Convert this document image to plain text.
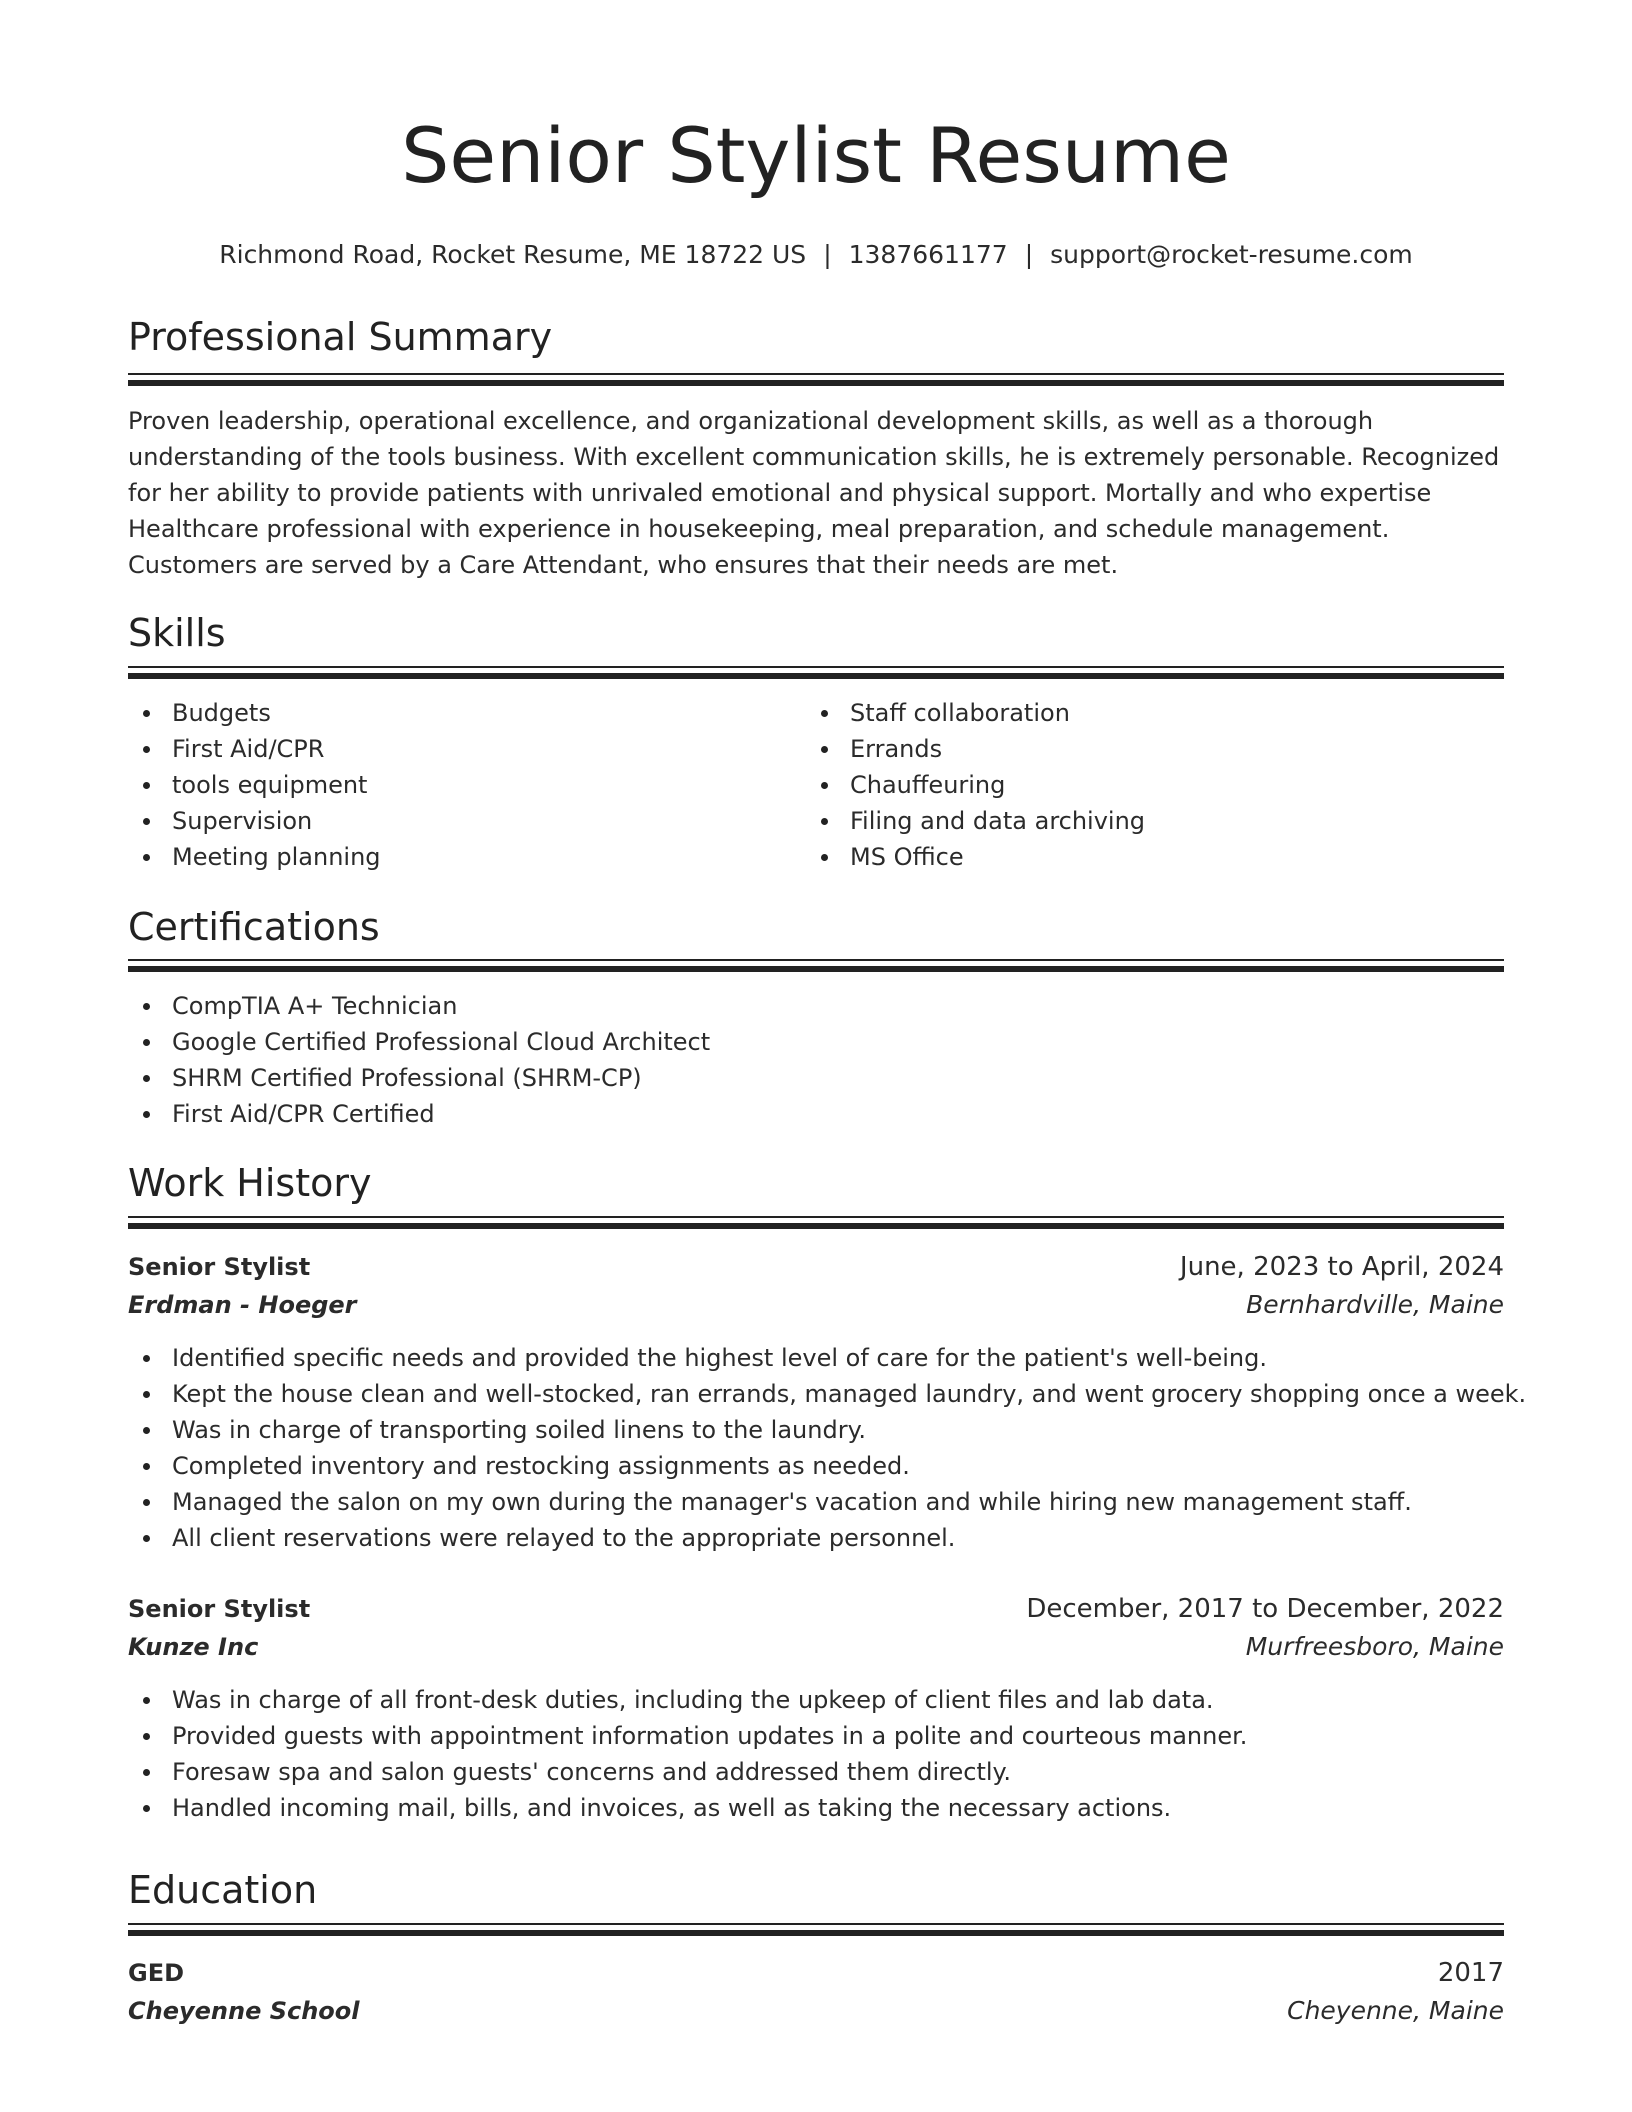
Senior Stylist Resume
Richmond Road, Rocket Resume, ME 18722 US | 1387661177 | support@rocket-resume.com
Professional Summary
Proven leadership, operational excellence, and organizational development skills, as well as a thorough understanding of the tools business. With excellent communication skills, he is extremely personable. Recognized for her ability to provide patients with unrivaled emotional and physical support. Mortally and who expertise Healthcare professional with experience in housekeeping, meal preparation, and schedule management. Customers are served by a Care Attendant, who ensures that their needs are met.
Skills
Budgets
First Aid/CPR
tools equipment
Supervision
Meeting planning
Staff collaboration
Errands
Chauffeuring
Filing and data archiving
MS Office
Certifications
CompTIA A+ Technician
Google Certified Professional Cloud Architect
SHRM Certified Professional (SHRM-CP)
First Aid/CPR Certified
Work History
Senior Stylist	June, 2023 to April, 2024
Erdman - Hoeger	Bernhardville, Maine
Identified specific needs and provided the highest level of care for the patient's well-being.
Kept the house clean and well-stocked, ran errands, managed laundry, and went grocery shopping once a week.
Was in charge of transporting soiled linens to the laundry.
Completed inventory and restocking assignments as needed.
Managed the salon on my own during the manager's vacation and while hiring new management staff.
All client reservations were relayed to the appropriate personnel.
Senior Stylist	December, 2017 to December, 2022
Kunze Inc	Murfreesboro, Maine
Was in charge of all front-desk duties, including the upkeep of client files and lab data.
Provided guests with appointment information updates in a polite and courteous manner.
Foresaw spa and salon guests' concerns and addressed them directly.
Handled incoming mail, bills, and invoices, as well as taking the necessary actions.
Education
GED	2017
Cheyenne School	Cheyenne, Maine
